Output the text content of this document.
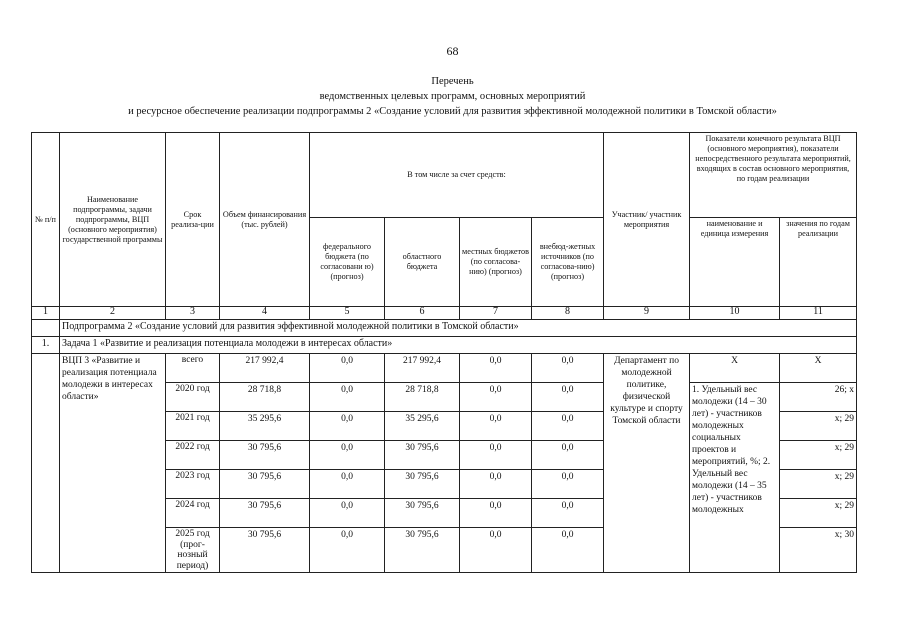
68
Перечень
ведомственных целевых программ, основных мероприятий
и ресурсное обеспечение реализации подпрограммы 2 «Создание условий для развития эффективной молодежной политики в Томской области»
№ п/п	Наименование подпрограммы, задачи подпрограммы, ВЦП (основного мероприятия) государственной программы	Срок реализа-ции	Объем финансирования (тыс. рублей)	В том числе за счет средств:				Участник/ участник мероприятия	Показатели конечного результата ВЦП (основного мероприятия), показатели непосредственного результата мероприятий, входящих в состав основного мероприятия, по годам реализации	
				федерального бюджета (по согласовани ю) (прогноз)	областного бюджета	местных бюджетов (по согласова-нию) (прогноз)	внебюд-жетных источников (по согласова-нию) (прогноз)		наименование и единица измерения	значения по годам реализации
1	2	3	4	5	6	7	8	9	10	11
	Подпрограмма 2 «Создание условий для развития эффективной молодежной политики в Томской области»									
1.	Задача 1 «Развитие и реализация потенциала молодежи в интересах области»									
	ВЦП 3 «Развитие и реализация потенциала молодежи в интересах области»	всего	217 992,4	0,0	217 992,4	0,0	0,0	Департамент по молодежной политике, физической культуре и спорту Томской области	Х	Х
		2020 год	28 718,8	0,0	28 718,8	0,0	0,0		1. Удельный вес молодежи (14 – 30 лет) - участников молодежных социальных проектов и мероприятий, %; 2. Удельный вес молодежи (14 – 35 лет) - участников молодежных	26; х
		2021 год	35 295,6	0,0	35 295,6	0,0	0,0			х; 29
		2022 год	30 795,6	0,0	30 795,6	0,0	0,0			х; 29
		2023 год	30 795,6	0,0	30 795,6	0,0	0,0			х; 29
		2024 год	30 795,6	0,0	30 795,6	0,0	0,0			х; 29
		2025 год (прог-нозный период)	30 795,6	0,0	30 795,6	0,0	0,0			х; 30
